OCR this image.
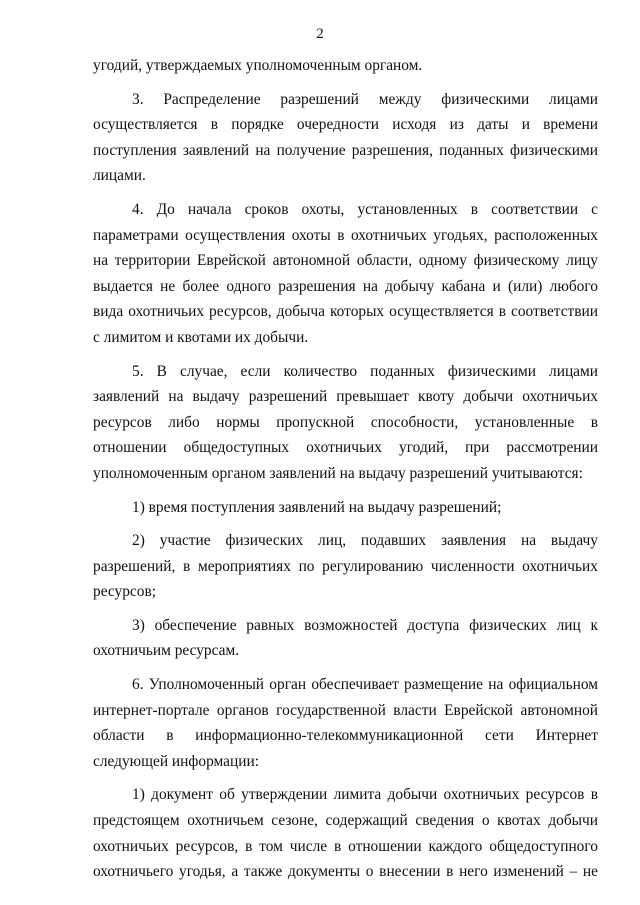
2

угодий, утверждаемых уполномоченным органом.

3. Распределение разрешений между физическими лицами осуществляется в порядке очередности исходя из даты и времени поступления заявлений на получение разрешения, поданных физическими лицами.

4. До начала сроков охоты, установленных в соответствии с параметрами осуществления охоты в охотничьих угодьях, расположенных на территории Еврейской автономной области, одному физическому лицу выдается не более одного разрешения на добычу кабана и (или) любого вида охотничьих ресурсов, добыча которых осуществляется в соответствии с лимитом и квотами их добычи.

5. В случае, если количество поданных физическими лицами заявлений на выдачу разрешений превышает квоту добычи охотничьих ресурсов либо нормы пропускной способности, установленные в отношении общедоступных охотничьих угодий, при рассмотрении уполномоченным органом заявлений на выдачу разрешений учитываются:

1) время поступления заявлений на выдачу разрешений;

2) участие физических лиц, подавших заявления на выдачу разрешений, в мероприятиях по регулированию численности охотничьих ресурсов;

3) обеспечение равных возможностей доступа физических лиц к охотничьим ресурсам.

6. Уполномоченный орган обеспечивает размещение на официальном интернет-портале органов государственной власти Еврейской автономной области в информационно-телекоммуникационной сети Интернет следующей информации:

1) документ об утверждении лимита добычи охотничьих ресурсов в предстоящем охотничьем сезоне, содержащий сведения о квотах добычи охотничьих ресурсов, в том числе в отношении каждого общедоступного охотничьего угодья, а также документы о внесении в него изменений – не
